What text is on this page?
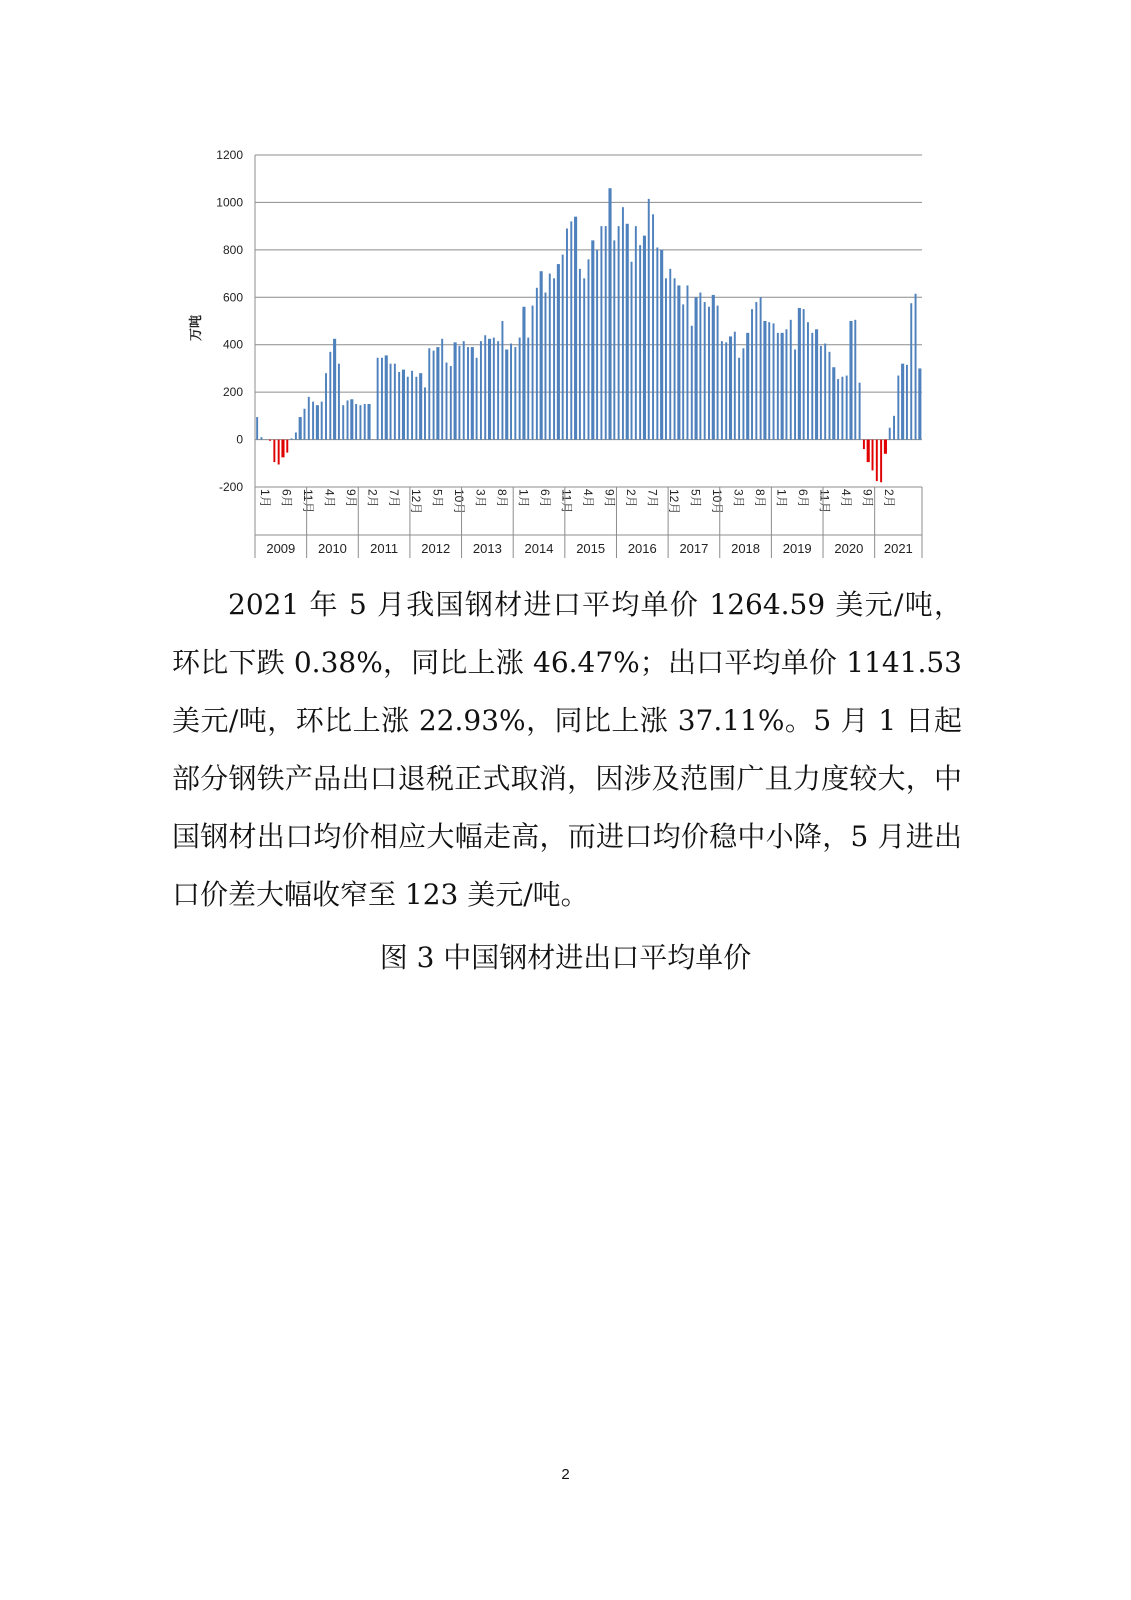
-200
0
200
400
600
800
1000
1200
2009
1月 6月 11月
2010
4月 9月
2011
2月 7月 12月
2012
5月 10月
2013
3月 8月
2014
1月 6月 11月
2015
4月 9月
2016
2月 7月 12月
2017
5月 10月
2018
3月 8月
2019
1月 6月 11月
2020
4月 9月
2021
2月
万吨

2021 年 5 月我国钢材进口平均单价 1264.59 美元/吨，环比下跌 0.38%，同比上涨 46.47%；出口平均单价 1141.53 美元/吨，环比上涨 22.93%，同比上涨 37.11%。5 月 1 日起部分钢铁产品出口退税正式取消，因涉及范围广且力度较大，中国钢材出口均价相应大幅走高，而进口均价稳中小降，5 月进出口价差大幅收窄至 123 美元/吨。

图 3 中国钢材进出口平均单价
2
